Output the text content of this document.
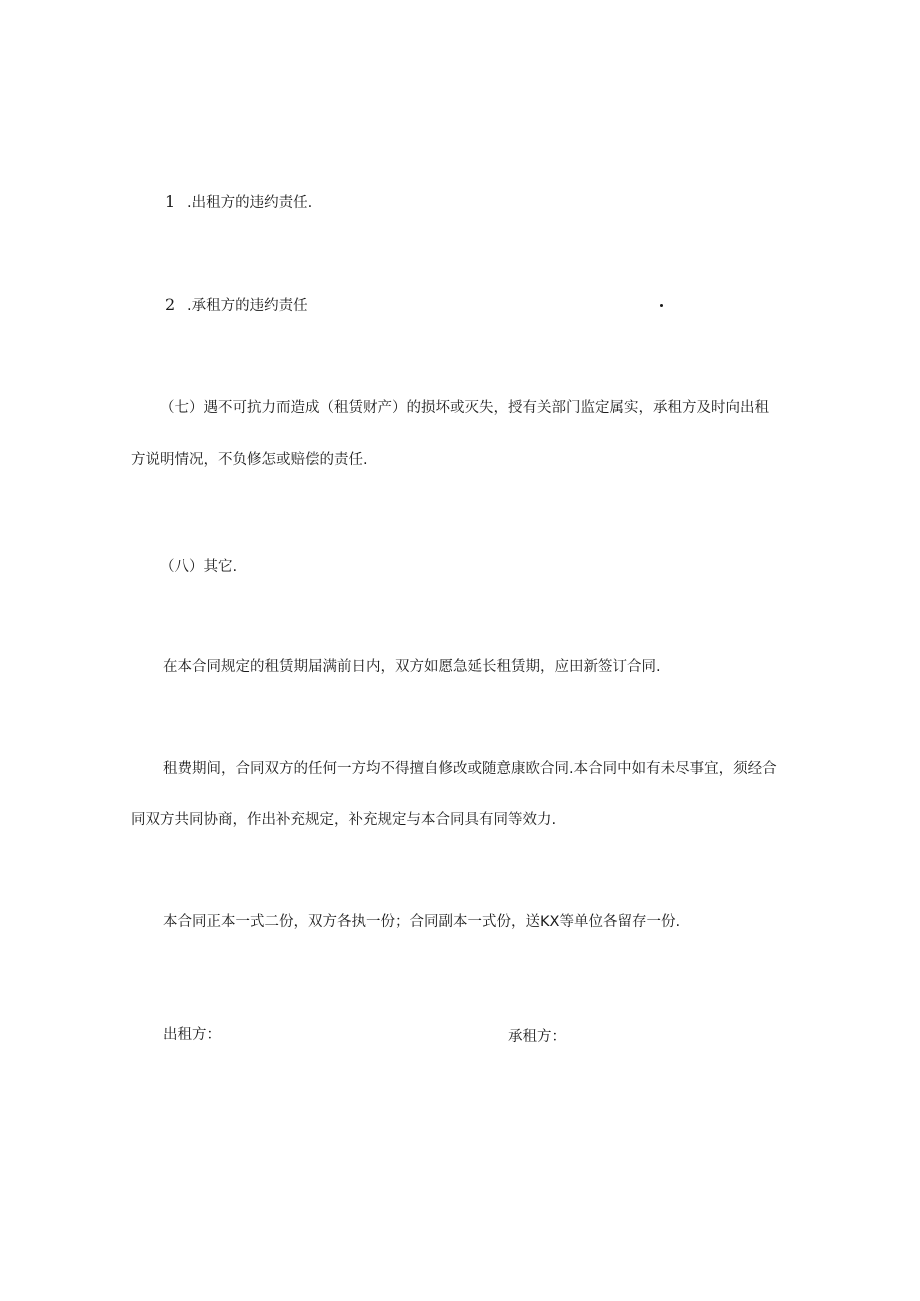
1 .出租方的违约责任.
2 .承租方的违约责任
（七）遇不可抗力而造成（租赁财产）的损坏或灭失，授有关部门监定属实，承租方及时向出租
方说明情况，不负修怎或赔偿的责任.
（八）其它.
在本合同规定的租赁期届满前日内，双方如愿急延长租赁期，应田新签订合同.
租费期间，合同双方的任何一方均不得擅自修改或随意康欧合同.本合同中如有未尽事宜，须经合
同双方共同协商，作出补充规定，补充规定与本合同具有同等效力.
本合同正本一式二份，双方各执一份；合同副本一式份，送KX等单位各留存一份.
出租方：	承租方：
